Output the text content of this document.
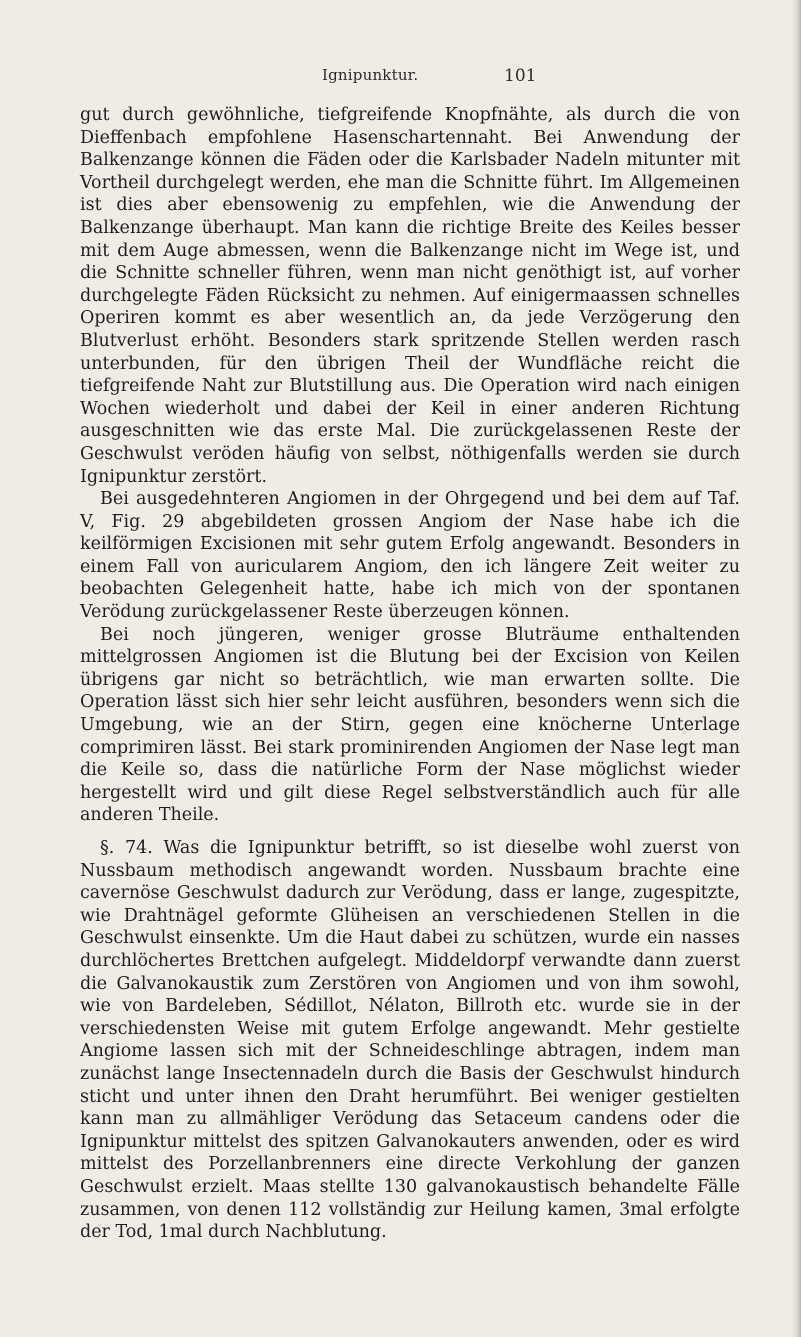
Ignipunktur.	101

gut durch gewöhnliche, tiefgreifende Knopfnähte, als durch die von Dieffenbach empfohlene Hasenschartennaht. Bei Anwendung der Balkenzange können die Fäden oder die Karlsbader Nadeln mitunter mit Vortheil durchgelegt werden, ehe man die Schnitte führt. Im Allgemeinen ist dies aber ebensowenig zu empfehlen, wie die Anwendung der Balkenzange überhaupt. Man kann die richtige Breite des Keiles besser mit dem Auge abmessen, wenn die Balkenzange nicht im Wege ist, und die Schnitte schneller führen, wenn man nicht genöthigt ist, auf vorher durchgelegte Fäden Rücksicht zu nehmen. Auf einigermaassen schnelles Operiren kommt es aber wesentlich an, da jede Verzögerung den Blutverlust erhöht. Besonders stark spritzende Stellen werden rasch unterbunden, für den übrigen Theil der Wundfläche reicht die tiefgreifende Naht zur Blutstillung aus. Die Operation wird nach einigen Wochen wiederholt und dabei der Keil in einer anderen Richtung ausgeschnitten wie das erste Mal. Die zurückgelassenen Reste der Geschwulst veröden häufig von selbst, nöthigenfalls werden sie durch Ignipunktur zerstört.

Bei ausgedehnteren Angiomen in der Ohrgegend und bei dem auf Taf. V, Fig. 29 abgebildeten grossen Angiom der Nase habe ich die keilförmigen Excisionen mit sehr gutem Erfolg angewandt. Besonders in einem Fall von auricularem Angiom, den ich längere Zeit weiter zu beobachten Gelegenheit hatte, habe ich mich von der spontanen Verödung zurückgelassener Reste überzeugen können.

Bei noch jüngeren, weniger grosse Bluträume enthaltenden mittelgrossen Angiomen ist die Blutung bei der Excision von Keilen übrigens gar nicht so beträchtlich, wie man erwarten sollte. Die Operation lässt sich hier sehr leicht ausführen, besonders wenn sich die Umgebung, wie an der Stirn, gegen eine knöcherne Unterlage comprimiren lässt. Bei stark prominirenden Angiomen der Nase legt man die Keile so, dass die natürliche Form der Nase möglichst wieder hergestellt wird und gilt diese Regel selbstverständlich auch für alle anderen Theile.

§. 74. Was die Ignipunktur betrifft, so ist dieselbe wohl zuerst von Nussbaum methodisch angewandt worden. Nussbaum brachte eine cavernöse Geschwulst dadurch zur Verödung, dass er lange, zugespitzte, wie Drahtnägel geformte Glüheisen an verschiedenen Stellen in die Geschwulst einsenkte. Um die Haut dabei zu schützen, wurde ein nasses durchlöchertes Brettchen aufgelegt. Middeldorpf verwandte dann zuerst die Galvanokaustik zum Zerstören von Angiomen und von ihm sowohl, wie von Bardeleben, Sédillot, Nélaton, Billroth etc. wurde sie in der verschiedensten Weise mit gutem Erfolge angewandt. Mehr gestielte Angiome lassen sich mit der Schneideschlinge abtragen, indem man zunächst lange Insectennadeln durch die Basis der Geschwulst hindurch sticht und unter ihnen den Draht herumführt. Bei weniger gestielten kann man zu allmähliger Verödung das Setaceum candens oder die Ignipunktur mittelst des spitzen Galvanokauters anwenden, oder es wird mittelst des Porzellanbrenners eine directe Verkohlung der ganzen Geschwulst erzielt. Maas stellte 130 galvanokaustisch behandelte Fälle zusammen, von denen 112 vollständig zur Heilung kamen, 3mal erfolgte der Tod, 1mal durch Nachblutung.
